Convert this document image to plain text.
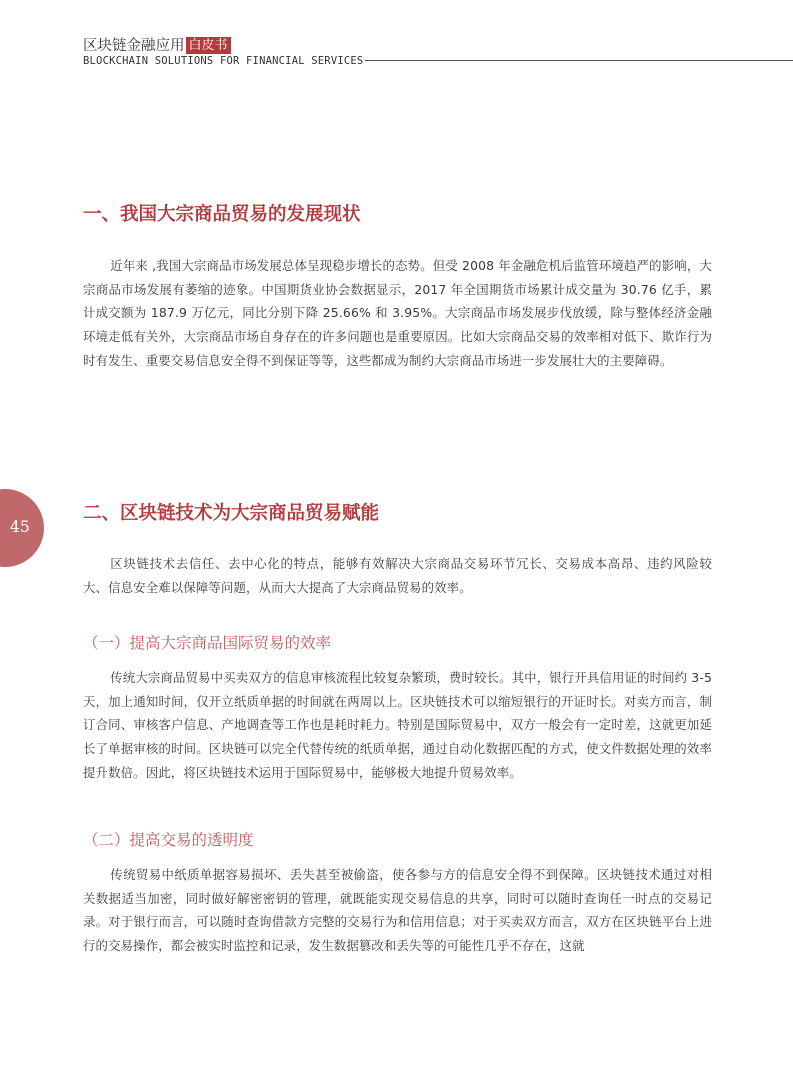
区块链金融应用 白皮书
BLOCKCHAIN SOLUTIONS FOR FINANCIAL SERVICES
一、我国大宗商品贸易的发展现状

近年来 ,我国大宗商品市场发展总体呈现稳步增长的态势。但受 2008 年金融危机后监管环境趋严的影响，大宗商品市场发展有萎缩的迹象。中国期货业协会数据显示，2017 年全国期货市场累计成交量为 30.76 亿手，累计成交额为 187.9 万亿元，同比分别下降 25.66% 和 3.95%。大宗商品市场发展步伐放缓，除与整体经济金融环境走低有关外，大宗商品市场自身存在的许多问题也是重要原因。比如大宗商品交易的效率相对低下、欺诈行为时有发生、重要交易信息安全得不到保证等等，这些都成为制约大宗商品市场进一步发展壮大的主要障碍。

45
二、区块链技术为大宗商品贸易赋能

区块链技术去信任、去中心化的特点，能够有效解决大宗商品交易环节冗长、交易成本高昂、违约风险较大、信息安全难以保障等问题，从而大大提高了大宗商品贸易的效率。

（一）提高大宗商品国际贸易的效率

传统大宗商品贸易中买卖双方的信息审核流程比较复杂繁琐，费时较长。其中，银行开具信用证的时间约 3-5 天，加上通知时间，仅开立纸质单据的时间就在两周以上。区块链技术可以缩短银行的开证时长。对卖方而言，制订合同、审核客户信息、产地调查等工作也是耗时耗力。特别是国际贸易中，双方一般会有一定时差，这就更加延长了单据审核的时间。区块链可以完全代替传统的纸质单据，通过自动化数据匹配的方式，使文件数据处理的效率提升数倍。因此，将区块链技术运用于国际贸易中，能够极大地提升贸易效率。

（二）提高交易的透明度

传统贸易中纸质单据容易损坏、丢失甚至被偷盗，使各参与方的信息安全得不到保障。区块链技术通过对相关数据适当加密，同时做好解密密钥的管理，就既能实现交易信息的共享，同时可以随时查询任一时点的交易记录。对于银行而言，可以随时查询借款方完整的交易行为和信用信息；对于买卖双方而言，双方在区块链平台上进行的交易操作，都会被实时监控和记录，发生数据篡改和丢失等的可能性几乎不存在，这就
